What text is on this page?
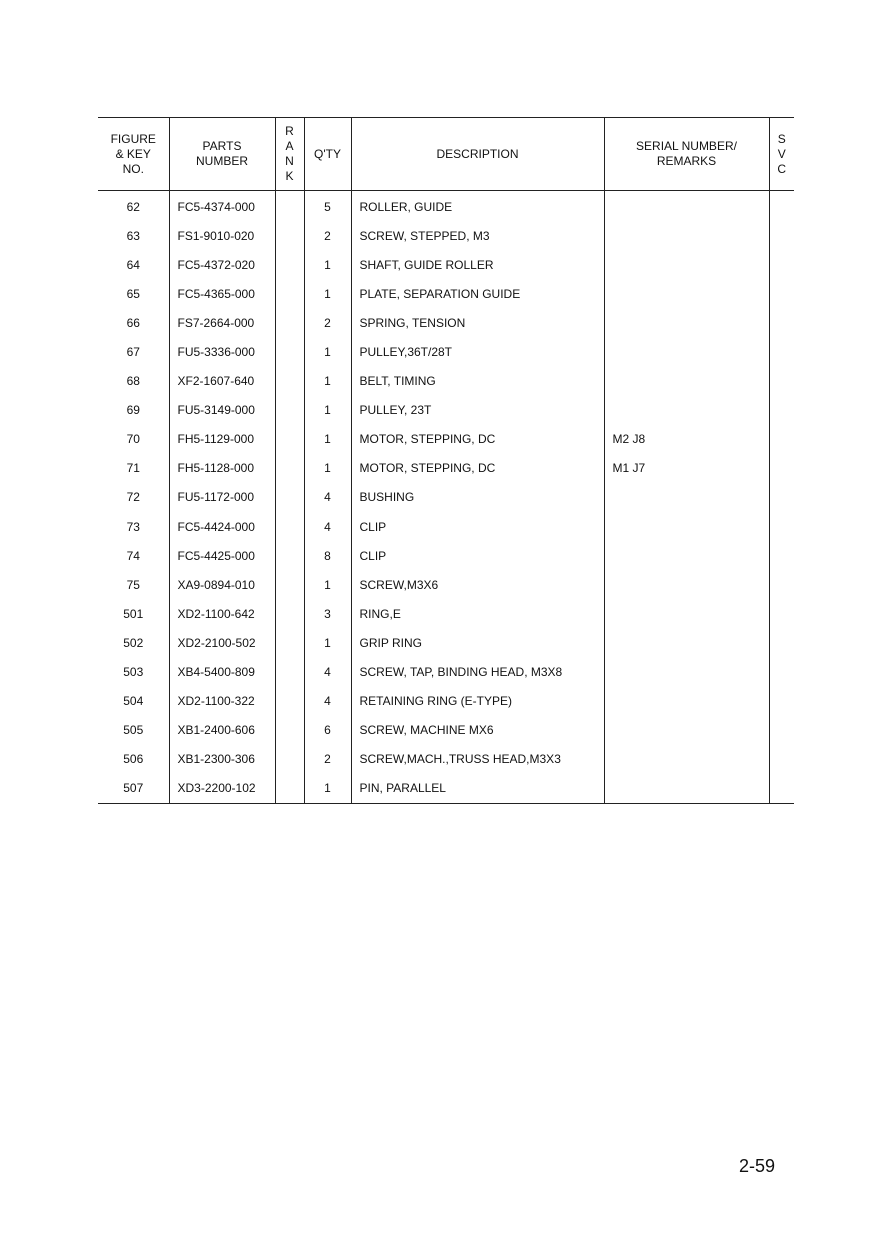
FIGURE
& KEY
NO.	PARTS
NUMBER	R
A
N
K	Q'TY	DESCRIPTION	SERIAL NUMBER/
REMARKS	S
V
C
62	FC5-4374-000		5	ROLLER, GUIDE		
63	FS1-9010-020		2	SCREW, STEPPED, M3		
64	FC5-4372-020		1	SHAFT, GUIDE ROLLER		
65	FC5-4365-000		1	PLATE, SEPARATION GUIDE		
66	FS7-2664-000		2	SPRING, TENSION		
67	FU5-3336-000		1	PULLEY,36T/28T		
68	XF2-1607-640		1	BELT, TIMING		
69	FU5-3149-000		1	PULLEY, 23T		
70	FH5-1129-000		1	MOTOR, STEPPING, DC	M2 J8	
71	FH5-1128-000		1	MOTOR, STEPPING, DC	M1 J7	
72	FU5-1172-000		4	BUSHING		
73	FC5-4424-000		4	CLIP		
74	FC5-4425-000		8	CLIP		
75	XA9-0894-010		1	SCREW,M3X6		
501	XD2-1100-642		3	RING,E		
502	XD2-2100-502		1	GRIP RING		
503	XB4-5400-809		4	SCREW, TAP, BINDING HEAD, M3X8		
504	XD2-1100-322		4	RETAINING RING (E-TYPE)		
505	XB1-2400-606		6	SCREW, MACHINE MX6		
506	XB1-2300-306		2	SCREW,MACH.,TRUSS HEAD,M3X3		
507	XD3-2200-102		1	PIN, PARALLEL		
2-59
